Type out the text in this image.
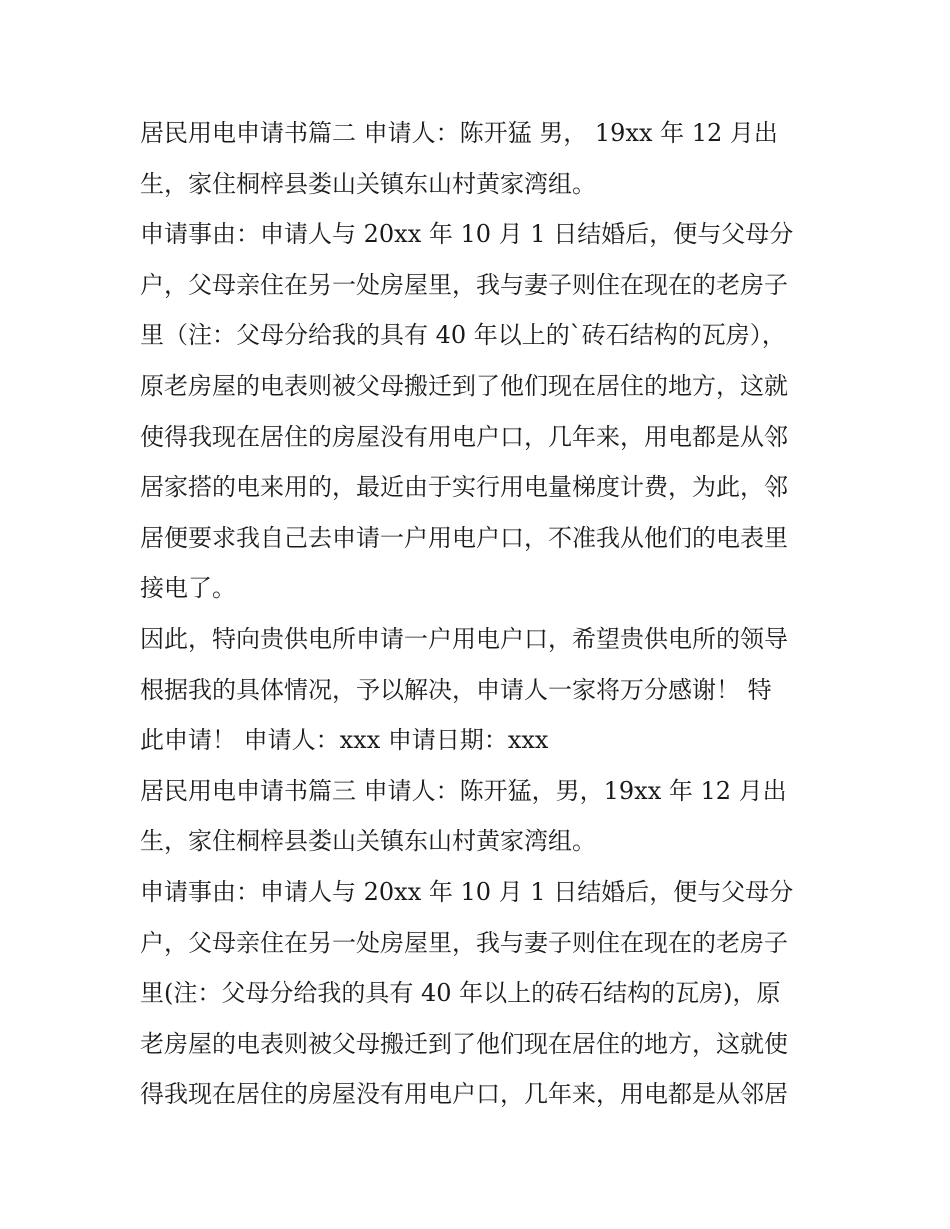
居民用电申请书篇二 申请人：陈开猛 男， 19xx 年 12 月出
生，家住桐梓县娄山关镇东山村黄家湾组。
申请事由：申请人与 20xx 年 10 月 1 日结婚后，便与父母分
户，父母亲住在另一处房屋里，我与妻子则住在现在的老房子
里（注：父母分给我的具有 40 年以上的`砖石结构的瓦房），
原老房屋的电表则被父母搬迁到了他们现在居住的地方，这就
使得我现在居住的房屋没有用电户口，几年来，用电都是从邻
居家搭的电来用的，最近由于实行用电量梯度计费，为此，邻
居便要求我自己去申请一户用电户口，不准我从他们的电表里
接电了。
因此，特向贵供电所申请一户用电户口，希望贵供电所的领导
根据我的具体情况，予以解决，申请人一家将万分感谢！ 特
此申请！ 申请人：xxx 申请日期：xxx
居民用电申请书篇三 申请人：陈开猛，男，19xx 年 12 月出
生，家住桐梓县娄山关镇东山村黄家湾组。
申请事由：申请人与 20xx 年 10 月 1 日结婚后，便与父母分
户，父母亲住在另一处房屋里，我与妻子则住在现在的老房子
里(注：父母分给我的具有 40 年以上的砖石结构的瓦房)，原
老房屋的电表则被父母搬迁到了他们现在居住的地方，这就使
得我现在居住的房屋没有用电户口，几年来，用电都是从邻居
